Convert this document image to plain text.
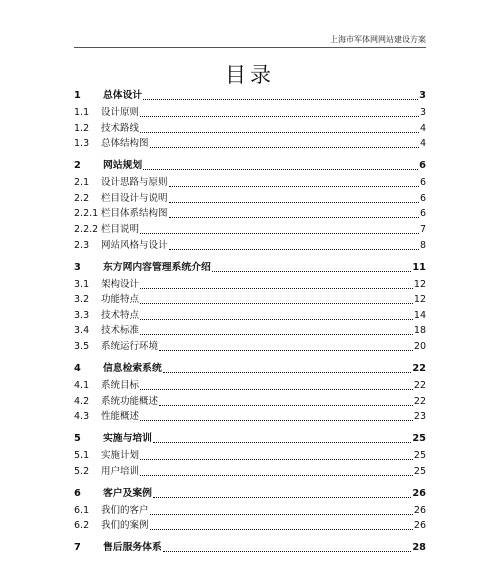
上海市军体网网站建设方案
目录
1	总体设计	3
1.1	设计原则	3
1.2	技术路线	4
1.3	总体结构图	4
2	网站规划	6
2.1	设计思路与原则	6
2.2	栏目设计与说明	6
2.2.1 栏目体系结构图	6
2.2.2 栏目说明	7
2.3	网站风格与设计	8
3	东方网内容管理系统介绍	11
3.1	架构设计	12
3.2	功能特点	12
3.3	技术特点	14
3.4	技术标准	18
3.5	系统运行环境	20
4	信息检索系统	22
4.1	系统目标	22
4.2	系统功能概述	22
4.3	性能概述	23
5	实施与培训	25
5.1	实施计划	25
5.2	用户培训	25
6	客户及案例	26
6.1	我们的客户	26
6.2	我们的案例	26
7	售后服务体系	28
